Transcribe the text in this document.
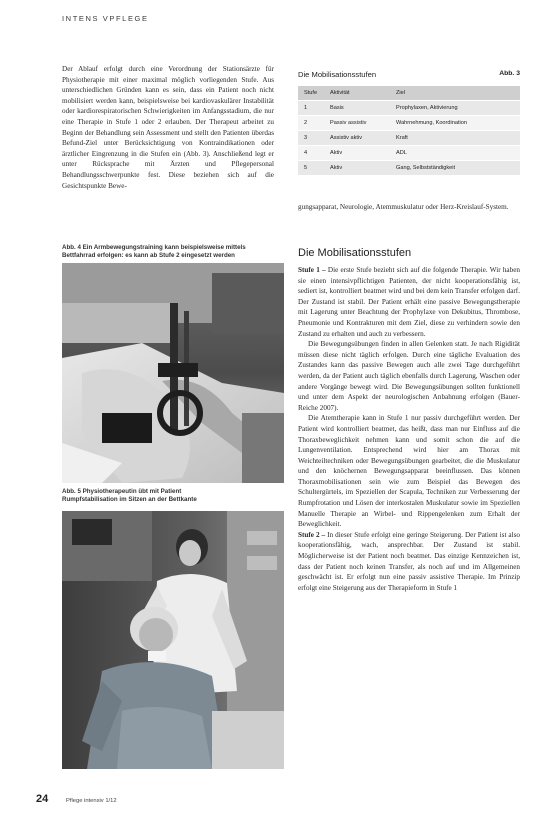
INTENS VPFLEGE

Der Ablauf erfolgt durch eine Verordnung der Stationsärzte für Physiotherapie mit einer maximal möglich vorliegenden Stufe. Aus unterschiedlichen Gründen kann es sein, dass ein Patient noch nicht mobilisiert werden kann, beispielsweise bei kardiovaskulärer Instabilität oder kardiorespiratorischen Schwierigkeiten im Anfangsstadium, die nur eine Therapie in Stufe 1 oder 2 erlauben. Der Therapeut arbeitet zu Beginn der Behandlung sein Assessment und stellt den Patienten überdas Befund-Ziel unter Berücksichtigung von Kontraindikationen oder ärztlicher Eingrenzung in die Stufen ein (Abb. 3). Anschließend legt er unter Rücksprache mit Ärzten und Pflegepersonal Behandlungsschwerpunkte fest. Diese beziehen sich auf die Gesichtspunkte Bewe-

Abb. 4 Ein Armbewegungstraining kann beispielsweise mittels Bettfahrrad erfolgen: es kann ab Stufe 2 eingesetzt werden
Abb. 5 Physiotherapeutin übt mit Patient
Rumpfstabilisation im Sitzen an der Bettkante
Die Mobilisationsstufen	Abb. 3
Stufe	Aktivität	Ziel
1	Basis	Prophylaxen, Aktivierung
2	Passiv assistiv	Wahrnehmung, Koordination
3	Assistiv aktiv	Kraft
4	Aktiv	ADL
5	Aktiv	Gang, Selbstständigkeit
gungsapparat, Neurologie, Atemmuskulatur oder Herz-Kreislauf-System.
Die Mobilisationsstufen

Stufe 1 – Die erste Stufe bezieht sich auf die folgende Therapie. Wir haben sie einen intensivpflichtigen Patienten, der nicht kooperationsfähig ist, sediert ist, kontrolliert beatmet wird und bei dem kein Transfer erfolgen darf. Der Zustand ist stabil. Der Patient erhält eine passive Bewegungstherapie mit Lagerung unter Beachtung der Prophylaxe von Dekubitus, Thrombose, Pneumonie und Kontrakturen mit dem Ziel, diese zu verhindern sowie den Zustand zu erhalten und auch zu verbessern.

Die Bewegungsübungen finden in allen Gelenken statt. Je nach Rigidität müssen diese nicht täglich erfolgen. Durch eine tägliche Evaluation des Zustandes kann das passive Bewegen auch alle zwei Tage durchgeführt werden, da der Patient auch täglich ebenfalls durch Lagerung, Waschen oder andere Vorgänge bewegt wird. Die Bewegungsübungen sollten funktionell und unter dem Aspekt der neurologischen Anbahnung erfolgen (Bauer-Reiche 2007).

Die Atemtherapie kann in Stufe 1 nur passiv durchgeführt werden. Der Patient wird kontrolliert beatmet, das heißt, dass man nur Einfluss auf die Thoraxbeweglichkeit nehmen kann und somit schon die auf die Lungenventilation. Entsprechend wird hier am Thorax mit Weichteiltechniken oder Bewegungsübungen gearbeitet, die die Muskulatur und den knöchernen Bewegungsapparat beeinflussen. Das können Thoraxmobilisationen sein wie zum Beispiel das Bewegen des Schultergürtels, im Speziellen der Scapula, Techniken zur Verbesserung der Rumpfrotation und Lösen der interkostalen Muskulatur sowie im Speziellen Manuelle Therapie an Wirbel- und Rippengelenken zum Erhalt der Beweglichkeit.

Stufe 2 – In dieser Stufe erfolgt eine geringe Steigerung. Der Patient ist also kooperationsfähig, wach, ansprechbar. Der Zustand ist stabil. Möglicherweise ist der Patient noch beatmet. Das einzige Kennzeichen ist, dass der Patient noch keinen Transfer, als noch auf und im Allgemeinen geschwächt ist. Er erfolgt nun eine passiv assistive Therapie. Im Prinzip erfolgt eine Steigerung aus der Therapieform in Stufe 1

24	Pflege intensiv 1/12
